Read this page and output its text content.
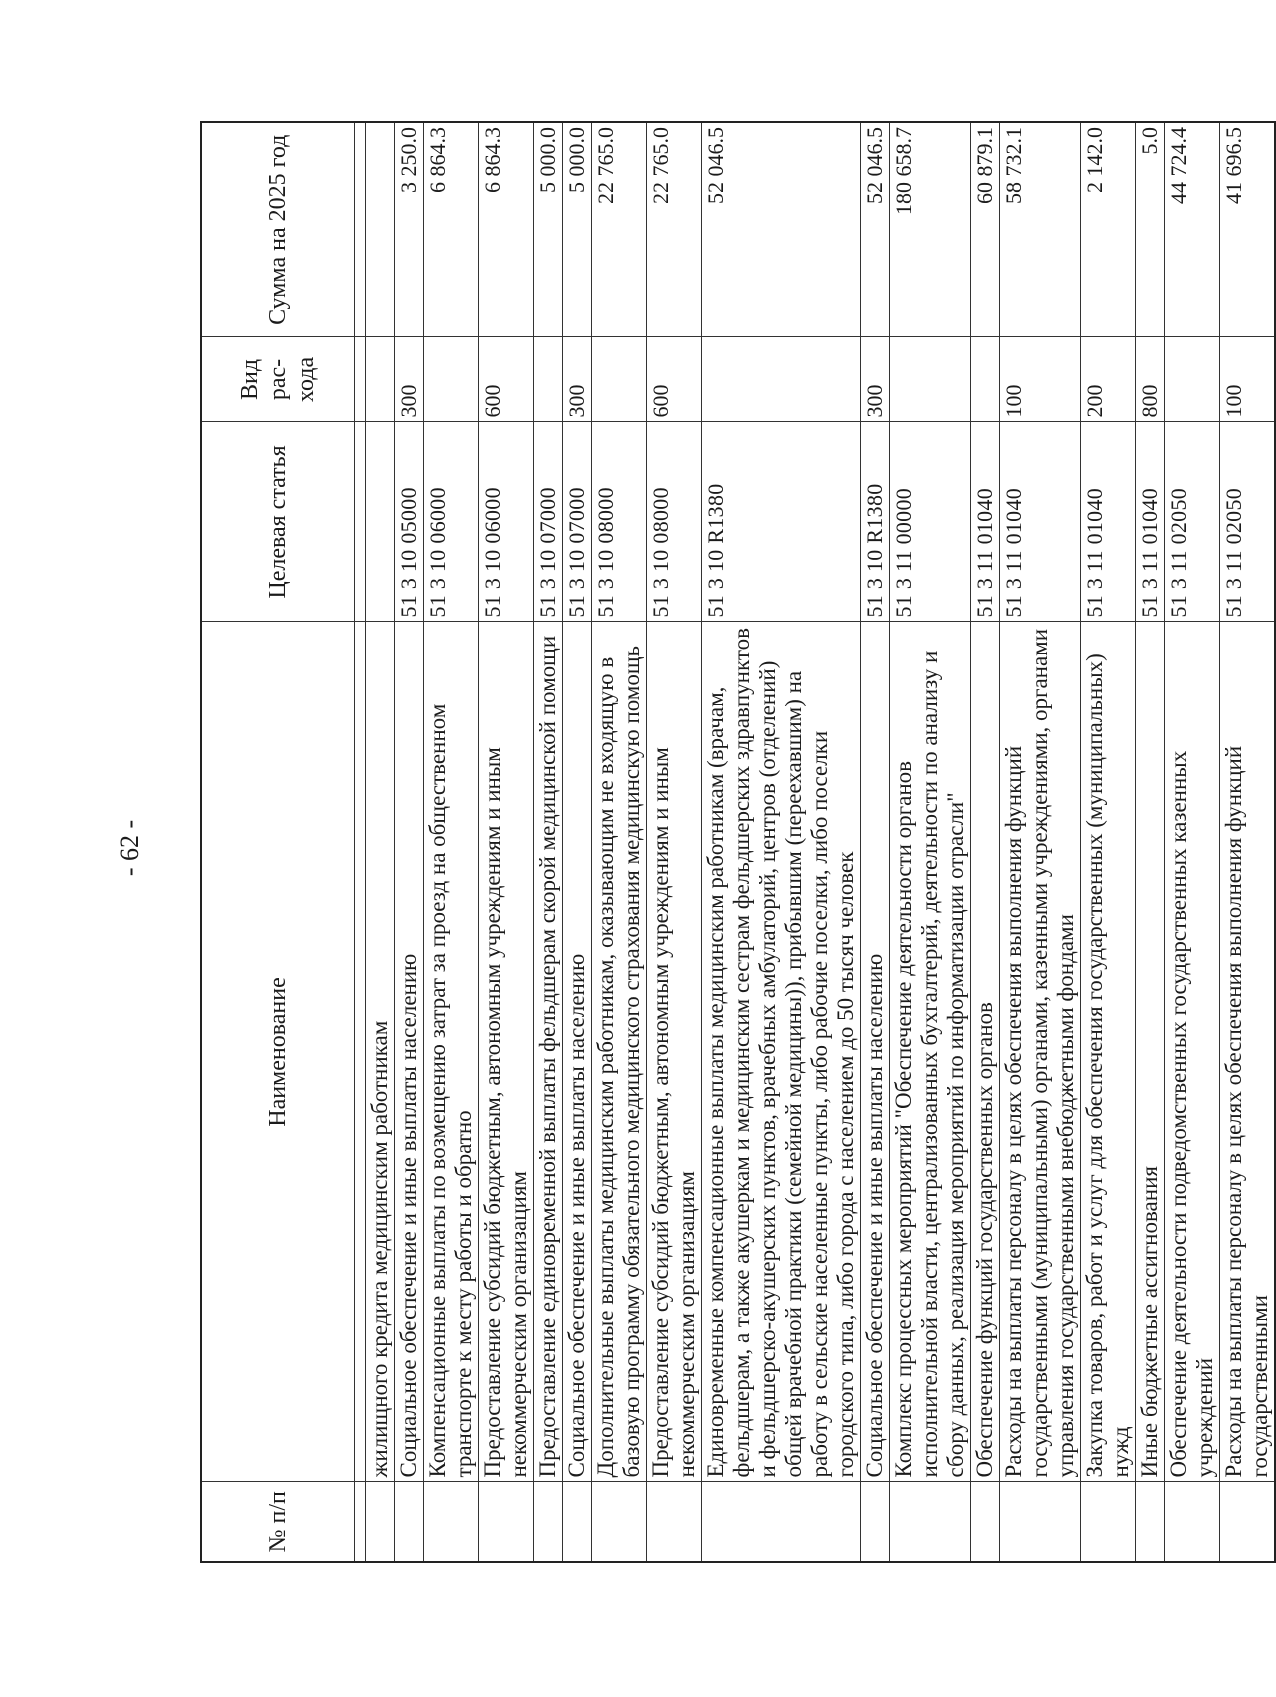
- 62 -
№ п/п	Наименование	Целевая статья	Вид рас- хода	Сумма на 2025 год

	жилищного кредита медицинским работникам			
	Социальное обеспечение и иные выплаты населению	51 3 10 05000	300	3 250.0
	Компенсационные выплаты по возмещению затрат за проезд на общественном транспорте к месту работы и обратно	51 3 10 06000		6 864.3
	Предоставление субсидий бюджетным, автономным учреждениям и иным некоммерческим организациям	51 3 10 06000	600	6 864.3
	Предоставление единовременной выплаты фельдшерам скорой медицинской помощи	51 3 10 07000		5 000.0
	Социальное обеспечение и иные выплаты населению	51 3 10 07000	300	5 000.0
	Дополнительные выплаты медицинским работникам, оказывающим не входящую в базовую программу обязательного медицинского страхования медицинскую помощь	51 3 10 08000		22 765.0
	Предоставление субсидий бюджетным, автономным учреждениям и иным некоммерческим организациям	51 3 10 08000	600	22 765.0
	Единовременные компенсационные выплаты медицинским работникам (врачам, фельдшерам, а также акушеркам и медицинским сестрам фельдшерских здравпунктов и фельдшерско-акушерских пунктов, врачебных амбулаторий, центров (отделений) общей врачебной практики (семейной медицины)), прибывшим (переехавшим) на работу в сельские населенные пункты, либо рабочие поселки, либо поселки городского типа, либо города с населением до 50 тысяч человек	51 3 10 R1380		52 046.5
	Социальное обеспечение и иные выплаты населению	51 3 10 R1380	300	52 046.5
	Комплекс процессных мероприятий "Обеспечение деятельности органов исполнительной власти, централизованных бухгалтерий, деятельности по анализу и сбору данных, реализация мероприятий по информатизации отрасли"	51 3 11 00000		180 658.7
	Обеспечение функций государственных органов	51 3 11 01040		60 879.1
	Расходы на выплаты персоналу в целях обеспечения выполнения функций государственными (муниципальными) органами, казенными учреждениями, органами управления государственными внебюджетными фондами	51 3 11 01040	100	58 732.1
	Закупка товаров, работ и услуг для обеспечения государственных (муниципальных) нужд	51 3 11 01040	200	2 142.0
	Иные бюджетные ассигнования	51 3 11 01040	800	5.0
	Обеспечение деятельности подведомственных государственных казенных учреждений	51 3 11 02050		44 724.4
	Расходы на выплаты персоналу в целях обеспечения выполнения функций государственными	51 3 11 02050	100	41 696.5
